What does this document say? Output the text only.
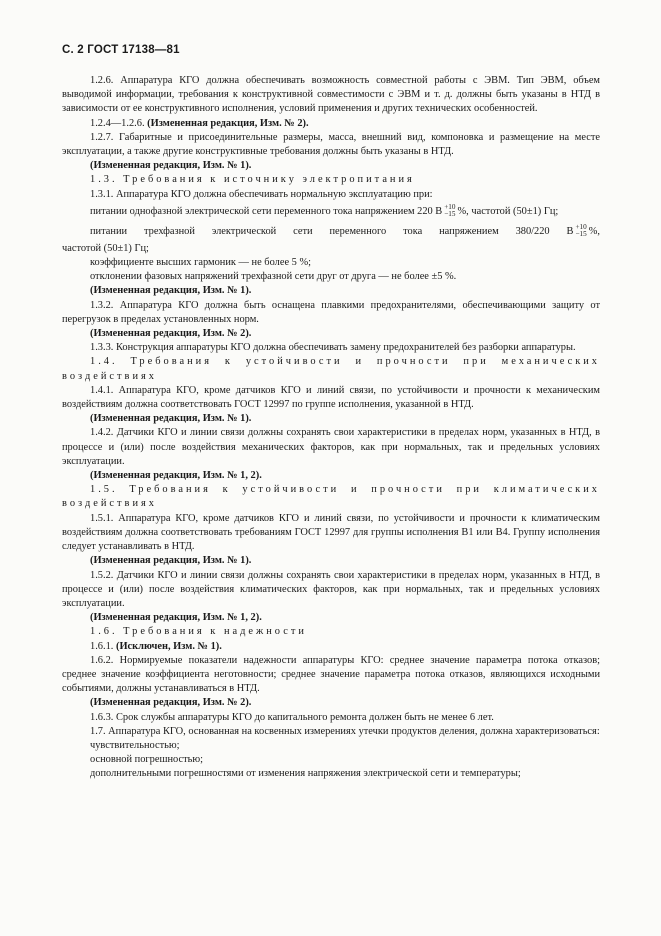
С. 2 ГОСТ 17138—81

1.2.6. Аппаратура КГО должна обеспечивать возможность совместной работы с ЭВМ. Тип ЭВМ, объем выводимой информации, требования к конструктивной совместимости с ЭВМ и т. д. должны быть указаны в НТД в зависимости от ее конструктивного исполнения, условий применения и других технических особенностей.

1.2.4—1.2.6. (Измененная редакция, Изм. № 2).

1.2.7. Габаритные и присоединительные размеры, масса, внешний вид, компоновка и размещение на месте эксплуатации, а также другие конструктивные требования должны быть указаны в НТД.

(Измененная редакция, Изм. № 1).

1.3. Требования к источнику электропитания

1.3.1. Аппаратура КГО должна обеспечивать нормальную эксплуатацию при:

питании однофазной электрической сети переменного тока напряжением 220 В +10
−15 %, частотой (50±1) Гц;

питании трехфазной электрической сети переменного тока напряжением 380/220 В +10
−15 %,

частотой (50±1) Гц;

коэффициенте высших гармоник — не более 5 %;

отклонении фазовых напряжений трехфазной сети друг от друга — не более ±5 %.

(Измененная редакция, Изм. № 1).

1.3.2. Аппаратура КГО должна быть оснащена плавкими предохранителями, обеспечивающими защиту от перегрузок в пределах установленных норм.

(Измененная редакция, Изм. № 2).

1.3.3. Конструкция аппаратуры КГО должна обеспечивать замену предохранителей без разборки аппаратуры.

1.4. Требования к устойчивости и прочности при механических воздействиях

1.4.1. Аппаратура КГО, кроме датчиков КГО и линий связи, по устойчивости и прочности к механическим воздействиям должна соответствовать ГОСТ 12997 по группе исполнения, указанной в НТД.

(Измененная редакция, Изм. № 1).

1.4.2. Датчики КГО и линии связи должны сохранять свои характеристики в пределах норм, указанных в НТД, в процессе и (или) после воздействия механических факторов, как при нормальных, так и предельных условиях эксплуатации.

(Измененная редакция, Изм. № 1, 2).

1.5. Требования к устойчивости и прочности при климатических воздействиях

1.5.1. Аппаратура КГО, кроме датчиков КГО и линий связи, по устойчивости и прочности к климатическим воздействиям должна соответствовать требованиям ГОСТ 12997 для группы исполнения В1 или В4. Группу исполнения следует устанавливать в НТД.

(Измененная редакция, Изм. № 1).

1.5.2. Датчики КГО и линии связи должны сохранять свои характеристики в пределах норм, указанных в НТД, в процессе и (или) после воздействия климатических факторов, как при нормальных, так и предельных условиях эксплуатации.

(Измененная редакция, Изм. № 1, 2).

1.6. Требования к надежности

1.6.1. (Исключен, Изм. № 1).

1.6.2. Нормируемые показатели надежности аппаратуры КГО: среднее значение параметра потока отказов; среднее значение коэффициента неготовности; среднее значение параметра потока отказов, являющихся исходными событиями, должны устанавливаться в НТД.

(Измененная редакция, Изм. № 2).

1.6.3. Срок службы аппаратуры КГО до капитального ремонта должен быть не менее 6 лет.

1.7. Аппаратура КГО, основанная на косвенных измерениях утечки продуктов деления, должна характеризоваться:

чувствительностью;

основной погрешностью;

дополнительными погрешностями от изменения напряжения электрической сети и температуры;
